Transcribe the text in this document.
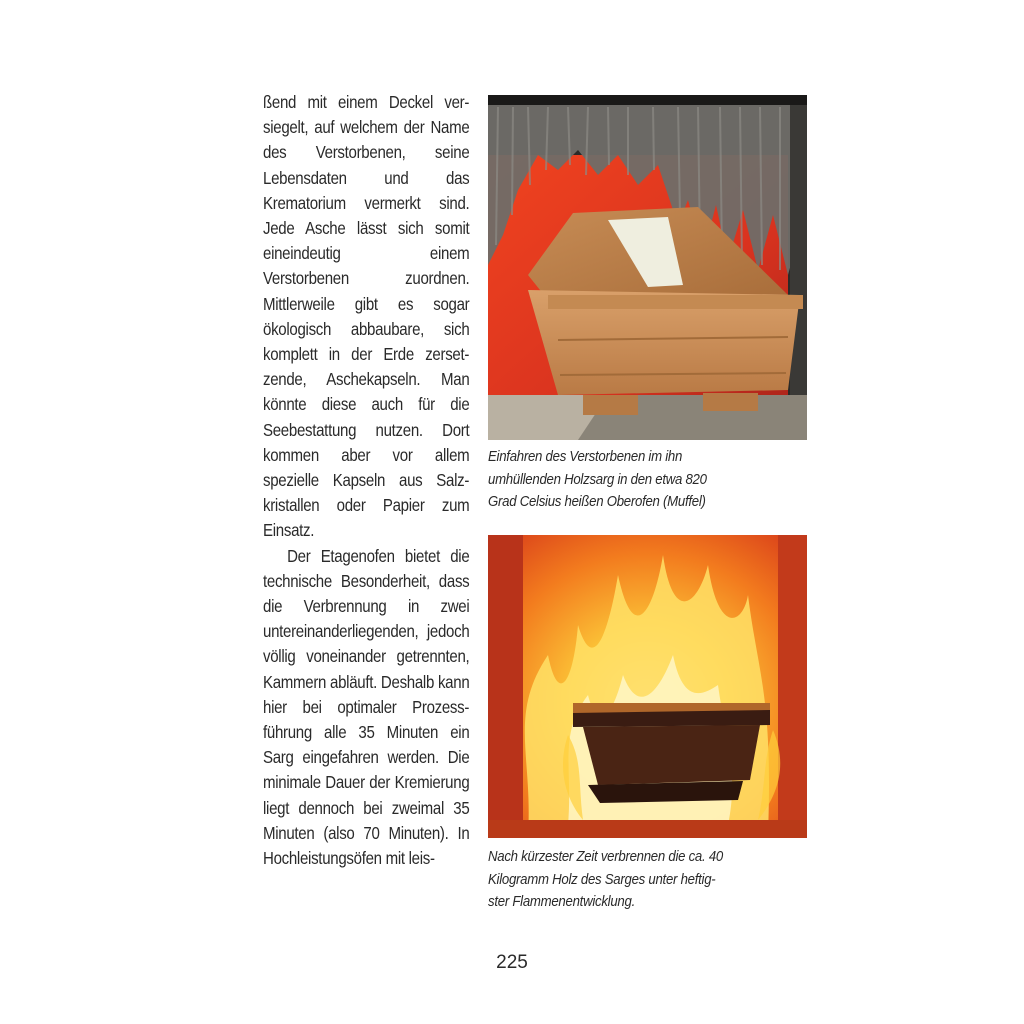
ßend mit einem Deckel versiegelt, auf welchem der Name des Verstorbenen, seine Lebensdaten und das Krematorium vermerkt sind. Jede Asche lässt sich somit eineindeutig einem Verstorbenen zuordnen. Mittlerweile gibt es sogar ökologisch abbaubare, sich komplett in der Erde zersetzende, Aschekapseln. Man könnte diese auch für die Seebestattung nutzen. Dort kommen aber vor allem spezielle Kapseln aus Salzkristallen oder Papier zum Einsatz.

Der Etagenofen bietet die technische Besonderheit, dass die Verbrennung in zwei untereinanderliegenden, jedoch völlig voneinander getrennten, Kammern abläuft. Deshalb kann hier bei optimaler Prozessführung alle 35 Minuten ein Sarg eingefahren werden. Die minimale Dauer der Kremierung liegt dennoch bei zweimal 35 Minuten (also 70 Minuten). In Hochleistungsöfen mit leis-

Einfahren des Verstorbenen im ihn
umhüllenden Holzsarg in den etwa 820
Grad Celsius heißen Oberofen (Muffel)
Nach kürzester Zeit verbrennen die ca. 40
Kilogramm Holz des Sarges unter heftig-
ster Flammenentwicklung.
225
